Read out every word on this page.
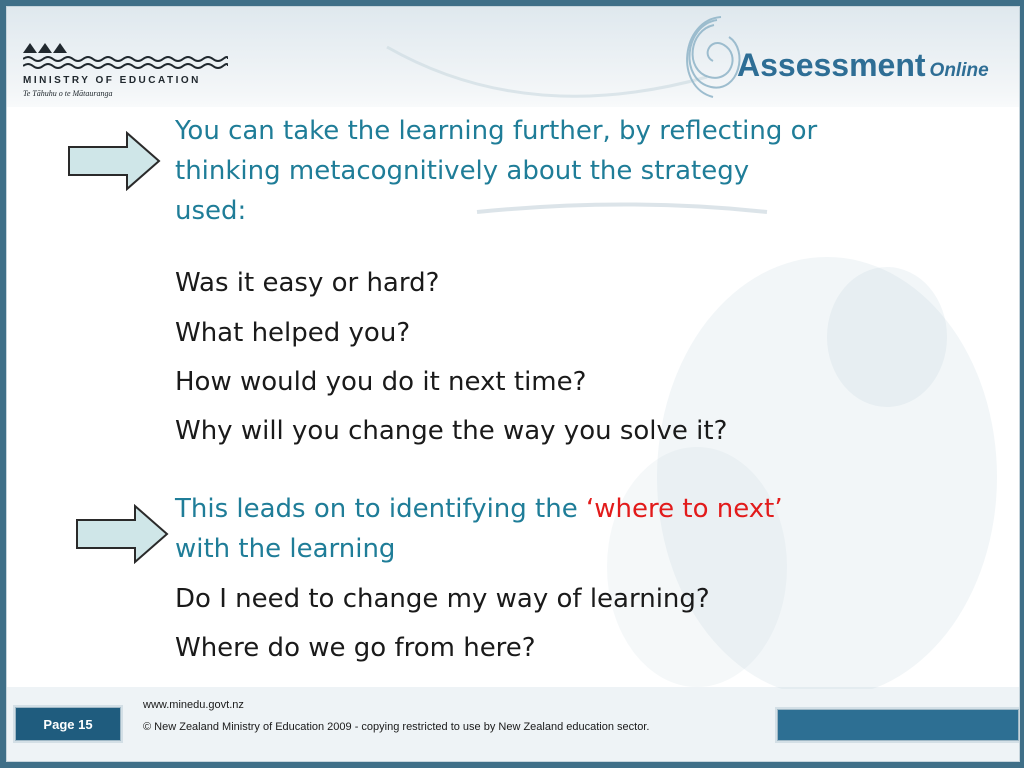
MINISTRY OF EDUCATION
Te Tāhuhu o te Mātauranga
Assessment Online
You can take the learning further, by reflecting or
thinking metacognitively about the strategy
used:
Was it easy or hard?
What helped you?
How would you do it next time?
Why will you change the way you solve it?
This leads on to identifying the ‘where to next’
with the learning
Do I need to change my way of learning?
Where do we go from here?
Page 15
www.minedu.govt.nz
© New Zealand Ministry of Education 2009 - copying restricted to use by New Zealand education sector.
